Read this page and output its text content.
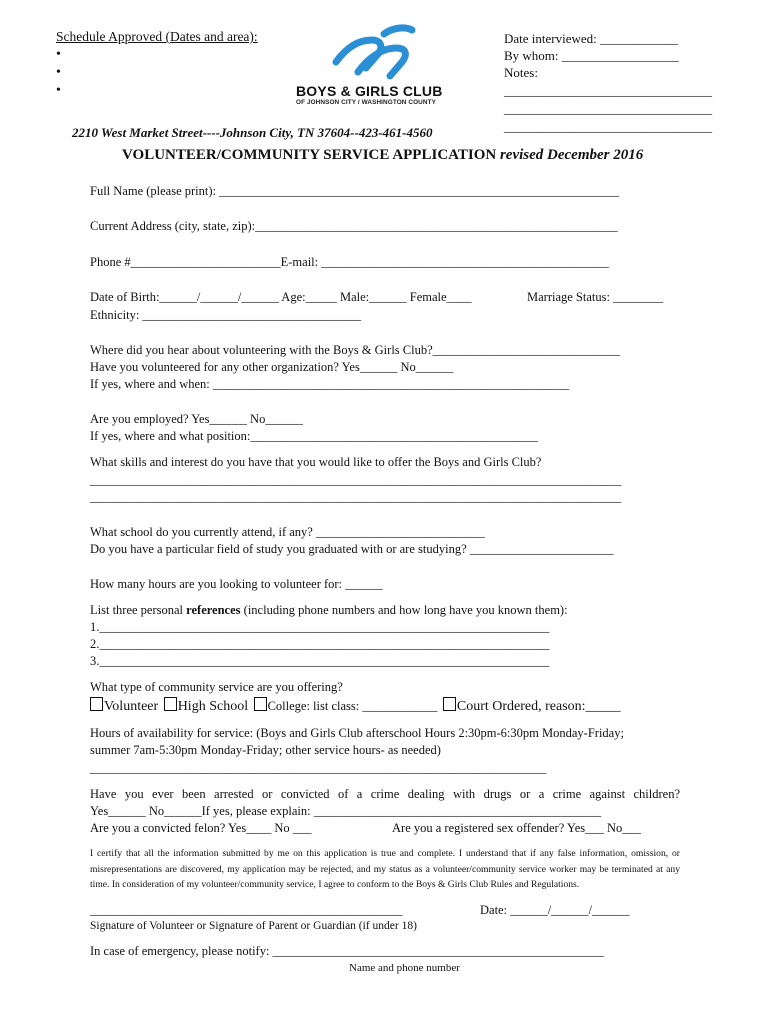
Schedule Approved (Dates and area):
•
•
•
BOYS & GIRLS CLUB
OF JOHNSON CITY / WASHINGTON COUNTY
Date interviewed: ____________
By whom: __________________
Notes:
________________________________
________________________________
________________________________
2210 West Market Street----Johnson City, TN 37604--423-461-4560
VOLUNTEER/COMMUNITY SERVICE APPLICATION revised December 2016
Full Name (please print): ________________________________________________________________
Current Address (city, state, zip):__________________________________________________________
Phone #________________________E-mail: ______________________________________________
Date of Birth:______/______/______ Age:_____ Male:______ Female____	Marriage Status: ________
Ethnicity: ___________________________________
Where did you hear about volunteering with the Boys & Girls Club?______________________________
Have you volunteered for any other organization? Yes______ No______
If yes, where and when: _________________________________________________________
Are you employed? Yes______ No______
If yes, where and what position:______________________________________________
What skills and interest do you have that you would like to offer the Boys and Girls Club?
_____________________________________________________________________________________
_____________________________________________________________________________________
What school do you currently attend, if any? ___________________________
Do you have a particular field of study you graduated with or are studying? _______________________
How many hours are you looking to volunteer for: ______
List three personal references (including phone numbers and how long have you known them):
1.________________________________________________________________________
2.________________________________________________________________________
3.________________________________________________________________________
What type of community service are you offering?
Volunteer High School College: list class: ____________ Court Ordered, reason:_____
Hours of availability for service: (Boys and Girls Club afterschool Hours 2:30pm-6:30pm Monday-Friday;
summer 7am-5:30pm Monday-Friday; other service hours- as needed)
_________________________________________________________________________
Have you ever been arrested or convicted of a crime dealing with drugs or a crime against children?
Yes______ No______If yes, please explain: ______________________________________________
Are you a convicted felon? Yes____ No ___	Are you a registered sex offender? Yes___ No___
I certify that all the information submitted by me on this application is true and complete. I understand that if any false information, omission, or misrepresentations are discovered, my application may be rejected, and my status as a volunteer/community service worker may be terminated at any time. In consideration of my volunteer/community service, I agree to conform to the Boys & Girls Club Rules and Regulations.
__________________________________________________	Date: ______/______/______
Signature of Volunteer or Signature of Parent or Guardian (if under 18)
In case of emergency, please notify: _____________________________________________________
Name and phone number
